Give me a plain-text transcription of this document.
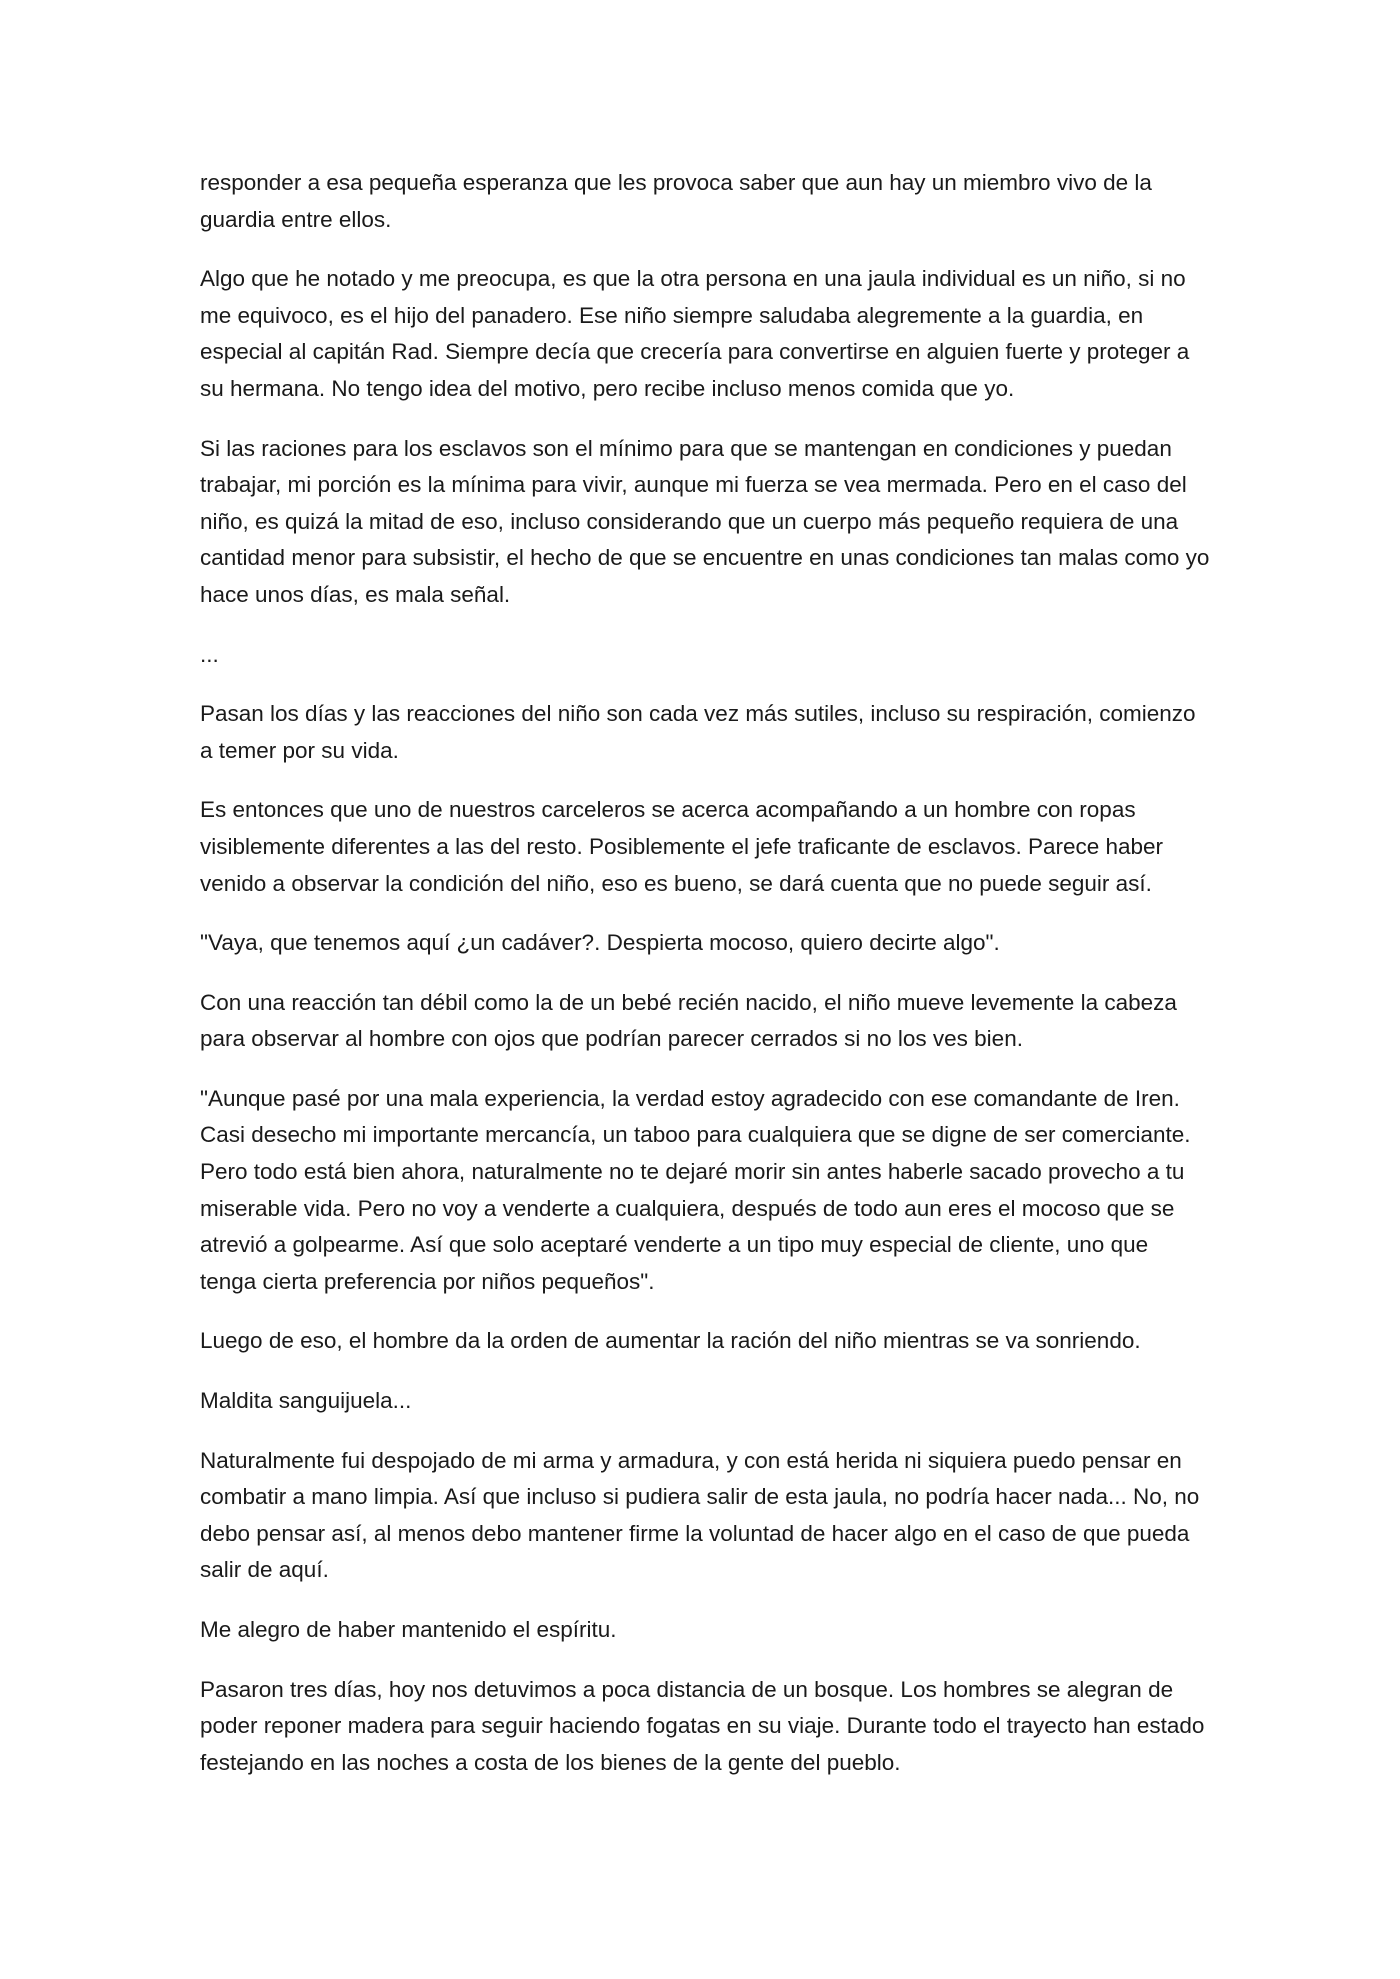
responder a esa pequeña esperanza que les provoca saber que aun hay un miembro vivo de la guardia entre ellos.

Algo que he notado y me preocupa, es que la otra persona en una jaula individual es un niño, si no me equivoco, es el hijo del panadero. Ese niño siempre saludaba alegremente a la guardia, en especial al capitán Rad. Siempre decía que crecería para convertirse en alguien fuerte y proteger a su hermana. No tengo idea del motivo, pero recibe incluso menos comida que yo.

Si las raciones para los esclavos son el mínimo para que se mantengan en condiciones y puedan trabajar, mi porción es la mínima para vivir, aunque mi fuerza se vea mermada. Pero en el caso del niño, es quizá la mitad de eso, incluso considerando que un cuerpo más pequeño requiera de una cantidad menor para subsistir, el hecho de que se encuentre en unas condiciones tan malas como yo hace unos días, es mala señal.

...

Pasan los días y las reacciones del niño son cada vez más sutiles, incluso su respiración, comienzo a temer por su vida.

Es entonces que uno de nuestros carceleros se acerca acompañando a un hombre con ropas visiblemente diferentes a las del resto. Posiblemente el jefe traficante de esclavos. Parece haber venido a observar la condición del niño, eso es bueno, se dará cuenta que no puede seguir así.

"Vaya, que tenemos aquí ¿un cadáver?. Despierta mocoso, quiero decirte algo".

Con una reacción tan débil como la de un bebé recién nacido, el niño mueve levemente la cabeza para observar al hombre con ojos que podrían parecer cerrados si no los ves bien.

"Aunque pasé por una mala experiencia, la verdad estoy agradecido con ese comandante de Iren. Casi desecho mi importante mercancía, un taboo para cualquiera que se digne de ser comerciante. Pero todo está bien ahora, naturalmente no te dejaré morir sin antes haberle sacado provecho a tu miserable vida. Pero no voy a venderte a cualquiera, después de todo aun eres el mocoso que se atrevió a golpearme. Así que solo aceptaré venderte a un tipo muy especial de cliente, uno que tenga cierta preferencia por niños pequeños".

Luego de eso, el hombre da la orden de aumentar la ración del niño mientras se va sonriendo.

Maldita sanguijuela...

Naturalmente fui despojado de mi arma y armadura, y con está herida ni siquiera puedo pensar en combatir a mano limpia. Así que incluso si pudiera salir de esta jaula, no podría hacer nada... No, no debo pensar así, al menos debo mantener firme la voluntad de hacer algo en el caso de que pueda salir de aquí.

Me alegro de haber mantenido el espíritu.

Pasaron tres días, hoy nos detuvimos a poca distancia de un bosque. Los hombres se alegran de poder reponer madera para seguir haciendo fogatas en su viaje. Durante todo el trayecto han estado festejando en las noches a costa de los bienes de la gente del pueblo.
